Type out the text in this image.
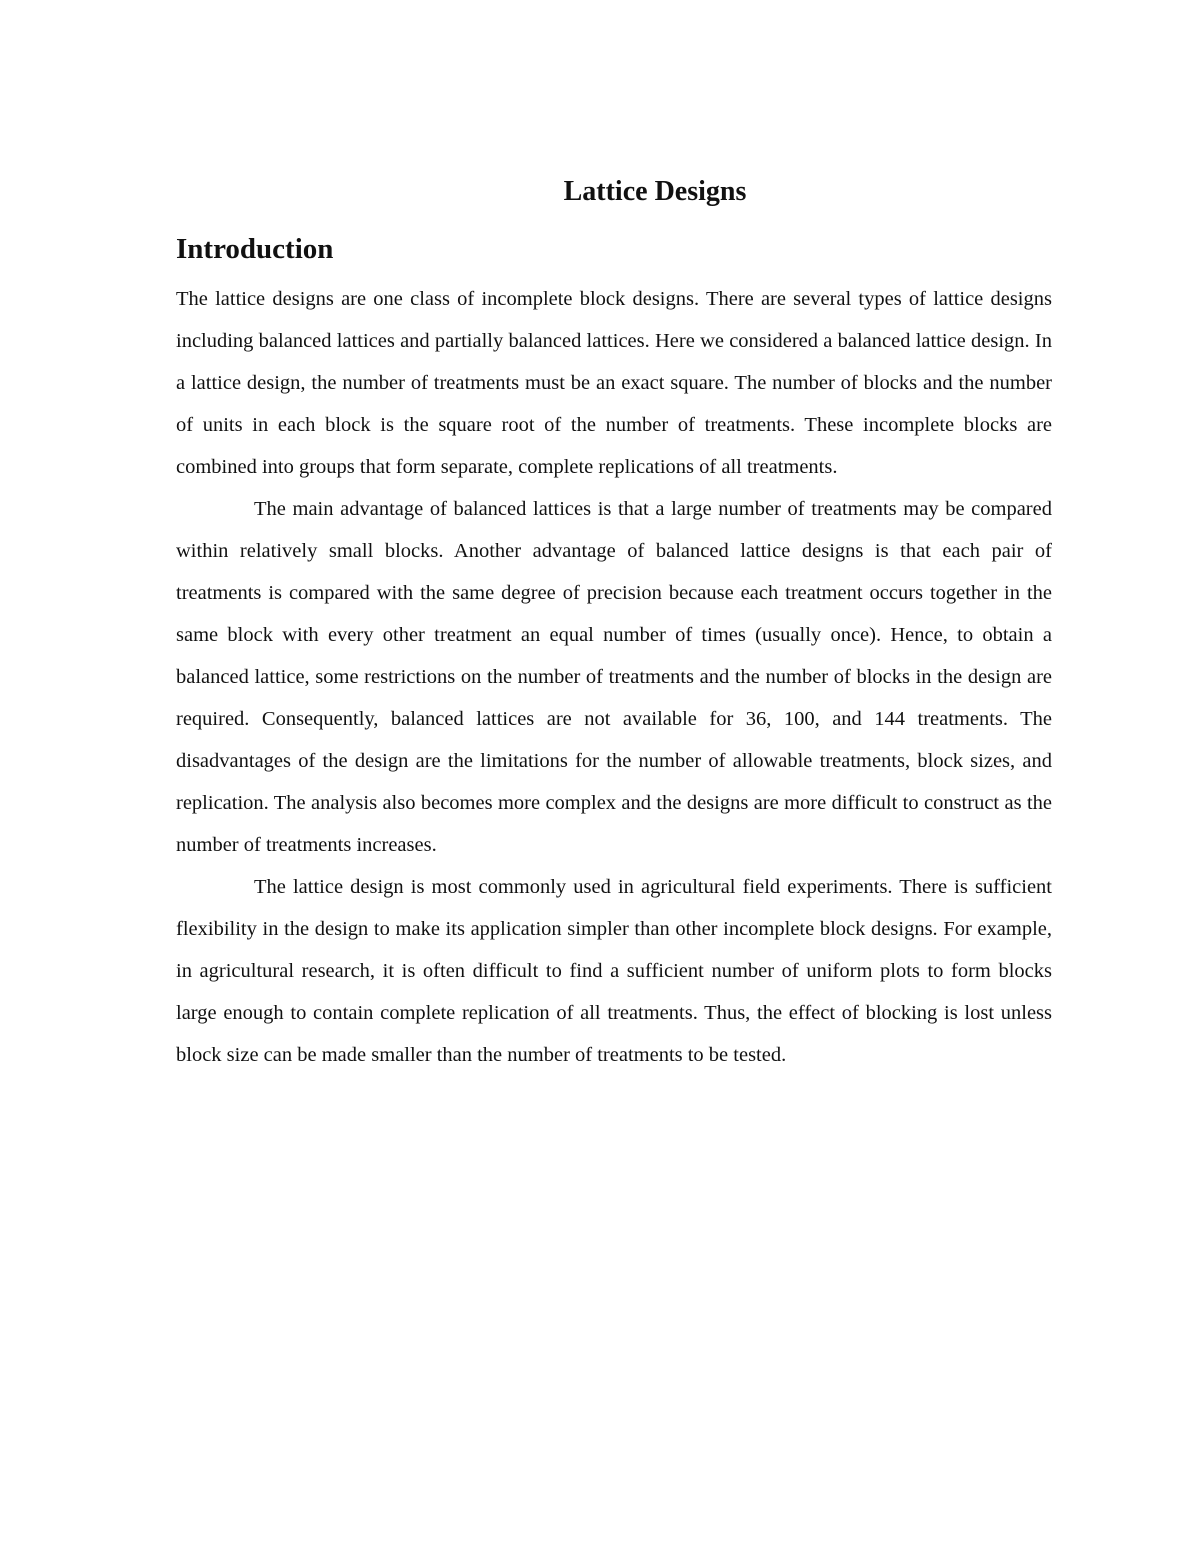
Lattice Designs
Introduction

The lattice designs are one class of incomplete block designs. There are several types of lattice designs including balanced lattices and partially balanced lattices. Here we considered a balanced lattice design. In a lattice design, the number of treatments must be an exact square. The number of blocks and the number of units in each block is the square root of the number of treatments. These incomplete blocks are combined into groups that form separate, complete replications of all treatments.

The main advantage of balanced lattices is that a large number of treatments may be compared within relatively small blocks. Another advantage of balanced lattice designs is that each pair of treatments is compared with the same degree of precision because each treatment occurs together in the same block with every other treatment an equal number of times (usually once). Hence, to obtain a balanced lattice, some restrictions on the number of treatments and the number of blocks in the design are required. Consequently, balanced lattices are not available for 36, 100, and 144 treatments. The disadvantages of the design are the limitations for the number of allowable treatments, block sizes, and replication. The analysis also becomes more complex and the designs are more difficult to construct as the number of treatments increases.

The lattice design is most commonly used in agricultural field experiments. There is sufficient flexibility in the design to make its application simpler than other incomplete block designs. For example, in agricultural research, it is often difficult to find a sufficient number of uniform plots to form blocks large enough to contain complete replication of all treatments. Thus, the effect of blocking is lost unless block size can be made smaller than the number of treatments to be tested.
